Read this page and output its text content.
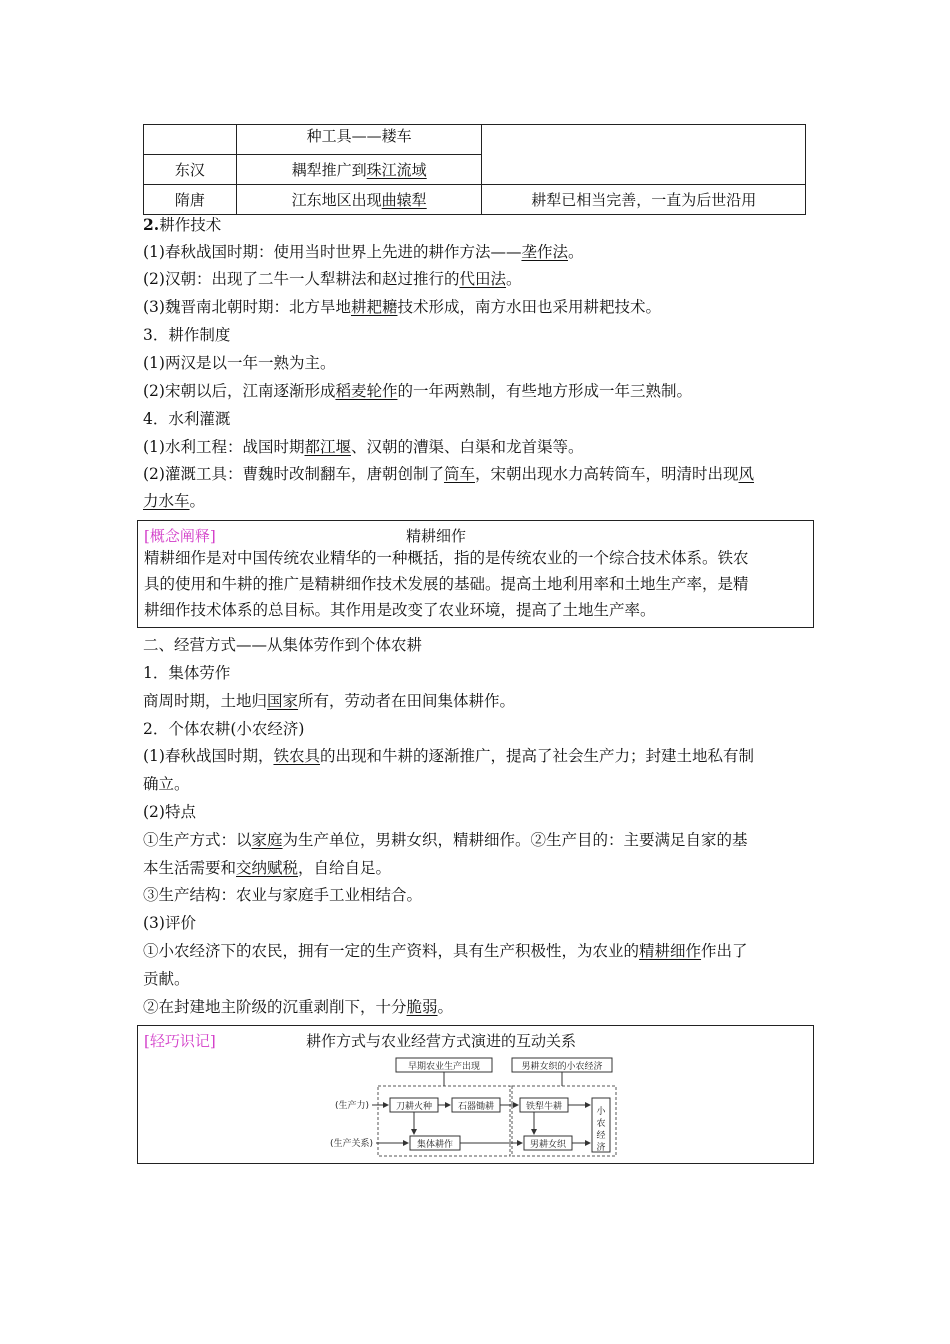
	种工具——耧车	
东汉	耦犁推广到珠江流域	
隋唐	江东地区出现曲辕犁	耕犁已相当完善，一直为后世沿用
2.耕作技术
(1)春秋战国时期：使用当时世界上先进的耕作方法——垄作法。
(2)汉朝：出现了二牛一人犁耕法和赵过推行的代田法。
(3)魏晋南北朝时期：北方旱地耕耙耱技术形成，南方水田也采用耕耙技术。
3．耕作制度
(1)两汉是以一年一熟为主。
(2)宋朝以后，江南逐渐形成稻麦轮作的一年两熟制，有些地方形成一年三熟制。
4．水利灌溉
(1)水利工程：战国时期都江堰、汉朝的漕渠、白渠和龙首渠等。
(2)灌溉工具：曹魏时改制翻车，唐朝创制了筒车，宋朝出现水力高转筒车，明清时出现风
力水车。
[概念阐释]	精耕细作
精耕细作是对中国传统农业精华的一种概括，指的是传统农业的一个综合技术体系。铁农
具的使用和牛耕的推广是精耕细作技术发展的基础。提高土地利用率和土地生产率，是精
耕细作技术体系的总目标。其作用是改变了农业环境，提高了土地生产率。
二、经营方式——从集体劳作到个体农耕
1．集体劳作
商周时期，土地归国家所有，劳动者在田间集体耕作。
2．个体农耕(小农经济)
(1)春秋战国时期，铁农具的出现和牛耕的逐渐推广，提高了社会生产力；封建土地私有制
确立。
(2)特点
①生产方式：以家庭为生产单位，男耕女织，精耕细作。②生产目的：主要满足自家的基
本生活需要和交纳赋税，自给自足。
③生产结构：农业与家庭手工业相结合。
(3)评价
①小农经济下的农民，拥有一定的生产资料，具有生产积极性，为农业的精耕细作作出了
贡献。
②在封建地主阶级的沉重剥削下，十分脆弱。
[轻巧识记]	耕作方式与农业经营方式演进的互动关系
早期农业生产出现	男耕女织的小农经济
(生产力)
(生产关系)
刀耕火种	石器锄耕
集体耕作
铁犁牛耕
男耕女织
小农经济
